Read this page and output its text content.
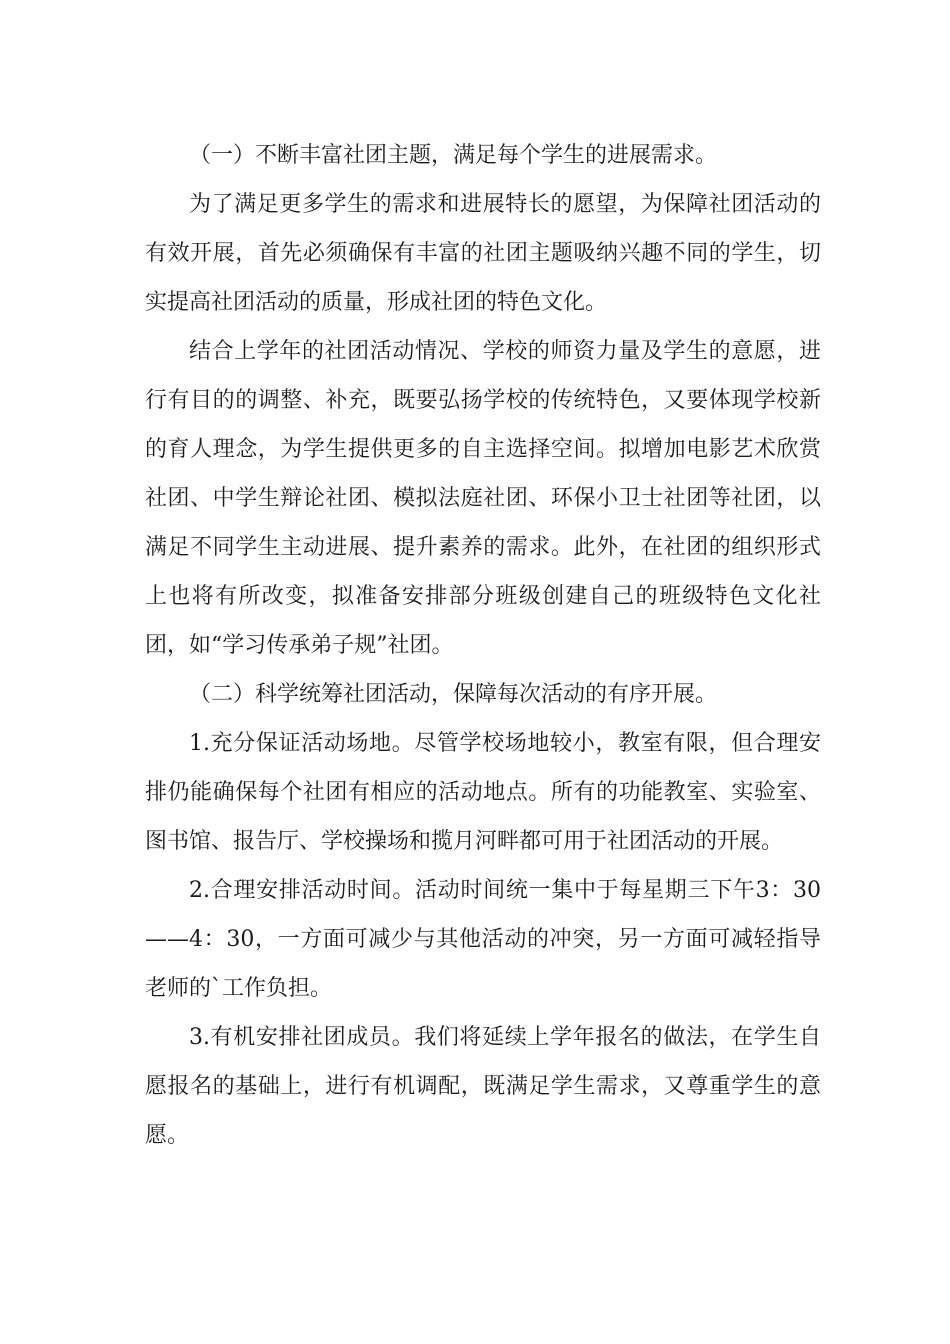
（一）不断丰富社团主题，满足每个学生的进展需求。

为了满足更多学生的需求和进展特长的愿望，为保障社团活动的有效开展，首先必须确保有丰富的社团主题吸纳兴趣不同的学生，切实提高社团活动的质量，形成社团的特色文化。

结合上学年的社团活动情况、学校的师资力量及学生的意愿，进行有目的的调整、补充，既要弘扬学校的传统特色，又要体现学校新的育人理念，为学生提供更多的自主选择空间。拟增加电影艺术欣赏社团、中学生辩论社团、模拟法庭社团、环保小卫士社团等社团，以满足不同学生主动进展、提升素养的需求。此外，在社团的组织形式上也将有所改变，拟准备安排部分班级创建自己的班级特色文化社团，如“学习传承弟子规”社团。

（二）科学统筹社团活动，保障每次活动的有序开展。

1.充分保证活动场地。尽管学校场地较小，教室有限，但合理安排仍能确保每个社团有相应的活动地点。所有的功能教室、实验室、图书馆、报告厅、学校操场和揽月河畔都可用于社团活动的开展。

2.合理安排活动时间。活动时间统一集中于每星期三下午3：30——4：30，一方面可减少与其他活动的冲突，另一方面可减轻指导老师的`工作负担。

3.有机安排社团成员。我们将延续上学年报名的做法，在学生自愿报名的基础上，进行有机调配，既满足学生需求，又尊重学生的意愿。
